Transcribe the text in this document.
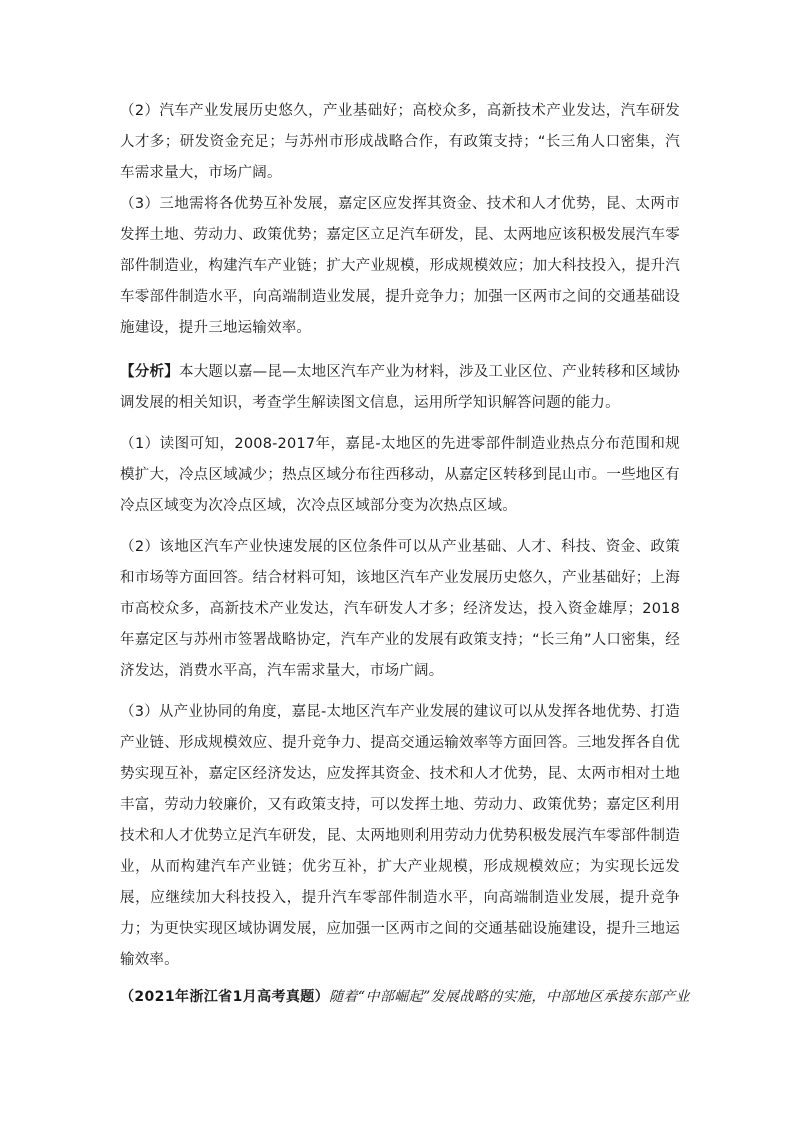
（2）汽车产业发展历史悠久，产业基础好；高校众多，高新技术产业发达，汽车研发人才多；研发资金充足；与苏州市形成战略合作，有政策支持；“长三角人口密集，汽车需求量大，市场广阔。

（3）三地需将各优势互补发展，嘉定区应发挥其资金、技术和人才优势，昆、太两市发挥土地、劳动力、政策优势；嘉定区立足汽车研发，昆、太两地应该积极发展汽车零部件制造业，构建汽车产业链；扩大产业规模，形成规模效应；加大科技投入，提升汽车零部件制造水平，向高端制造业发展，提升竞争力；加强一区两市之间的交通基础设施建设，提升三地运输效率。

【分析】本大题以嘉—昆—太地区汽车产业为材料，涉及工业区位、产业转移和区域协调发展的相关知识，考查学生解读图文信息，运用所学知识解答问题的能力。

（1）读图可知，2008-2017年，嘉昆-太地区的先进零部件制造业热点分布范围和规模扩大，冷点区域减少；热点区域分布往西移动，从嘉定区转移到昆山市。一些地区有冷点区域变为次冷点区域，次冷点区域部分变为次热点区域。

（2）该地区汽车产业快速发展的区位条件可以从产业基础、人才、科技、资金、政策和市场等方面回答。结合材料可知，该地区汽车产业发展历史悠久，产业基础好；上海市高校众多，高新技术产业发达，汽车研发人才多；经济发达，投入资金雄厚；2018年嘉定区与苏州市签署战略协定，汽车产业的发展有政策支持；“长三角”人口密集，经济发达，消费水平高，汽车需求量大，市场广阔。

（3）从产业协同的角度，嘉昆-太地区汽车产业发展的建议可以从发挥各地优势、打造产业链、形成规模效应、提升竞争力、提高交通运输效率等方面回答。三地发挥各自优势实现互补，嘉定区经济发达，应发挥其资金、技术和人才优势，昆、太两市相对土地丰富，劳动力较廉价，又有政策支持，可以发挥土地、劳动力、政策优势；嘉定区利用技术和人才优势立足汽车研发，昆、太两地则利用劳动力优势积极发展汽车零部件制造业，从而构建汽车产业链；优劣互补，扩大产业规模，形成规模效应；为实现长远发展，应继续加大科技投入，提升汽车零部件制造水平，向高端制造业发展，提升竞争力；为更快实现区域协调发展，应加强一区两市之间的交通基础设施建设，提升三地运输效率。

（2021年浙江省1月高考真题）随着“中部崛起”发展战略的实施，中部地区承接东部产业
